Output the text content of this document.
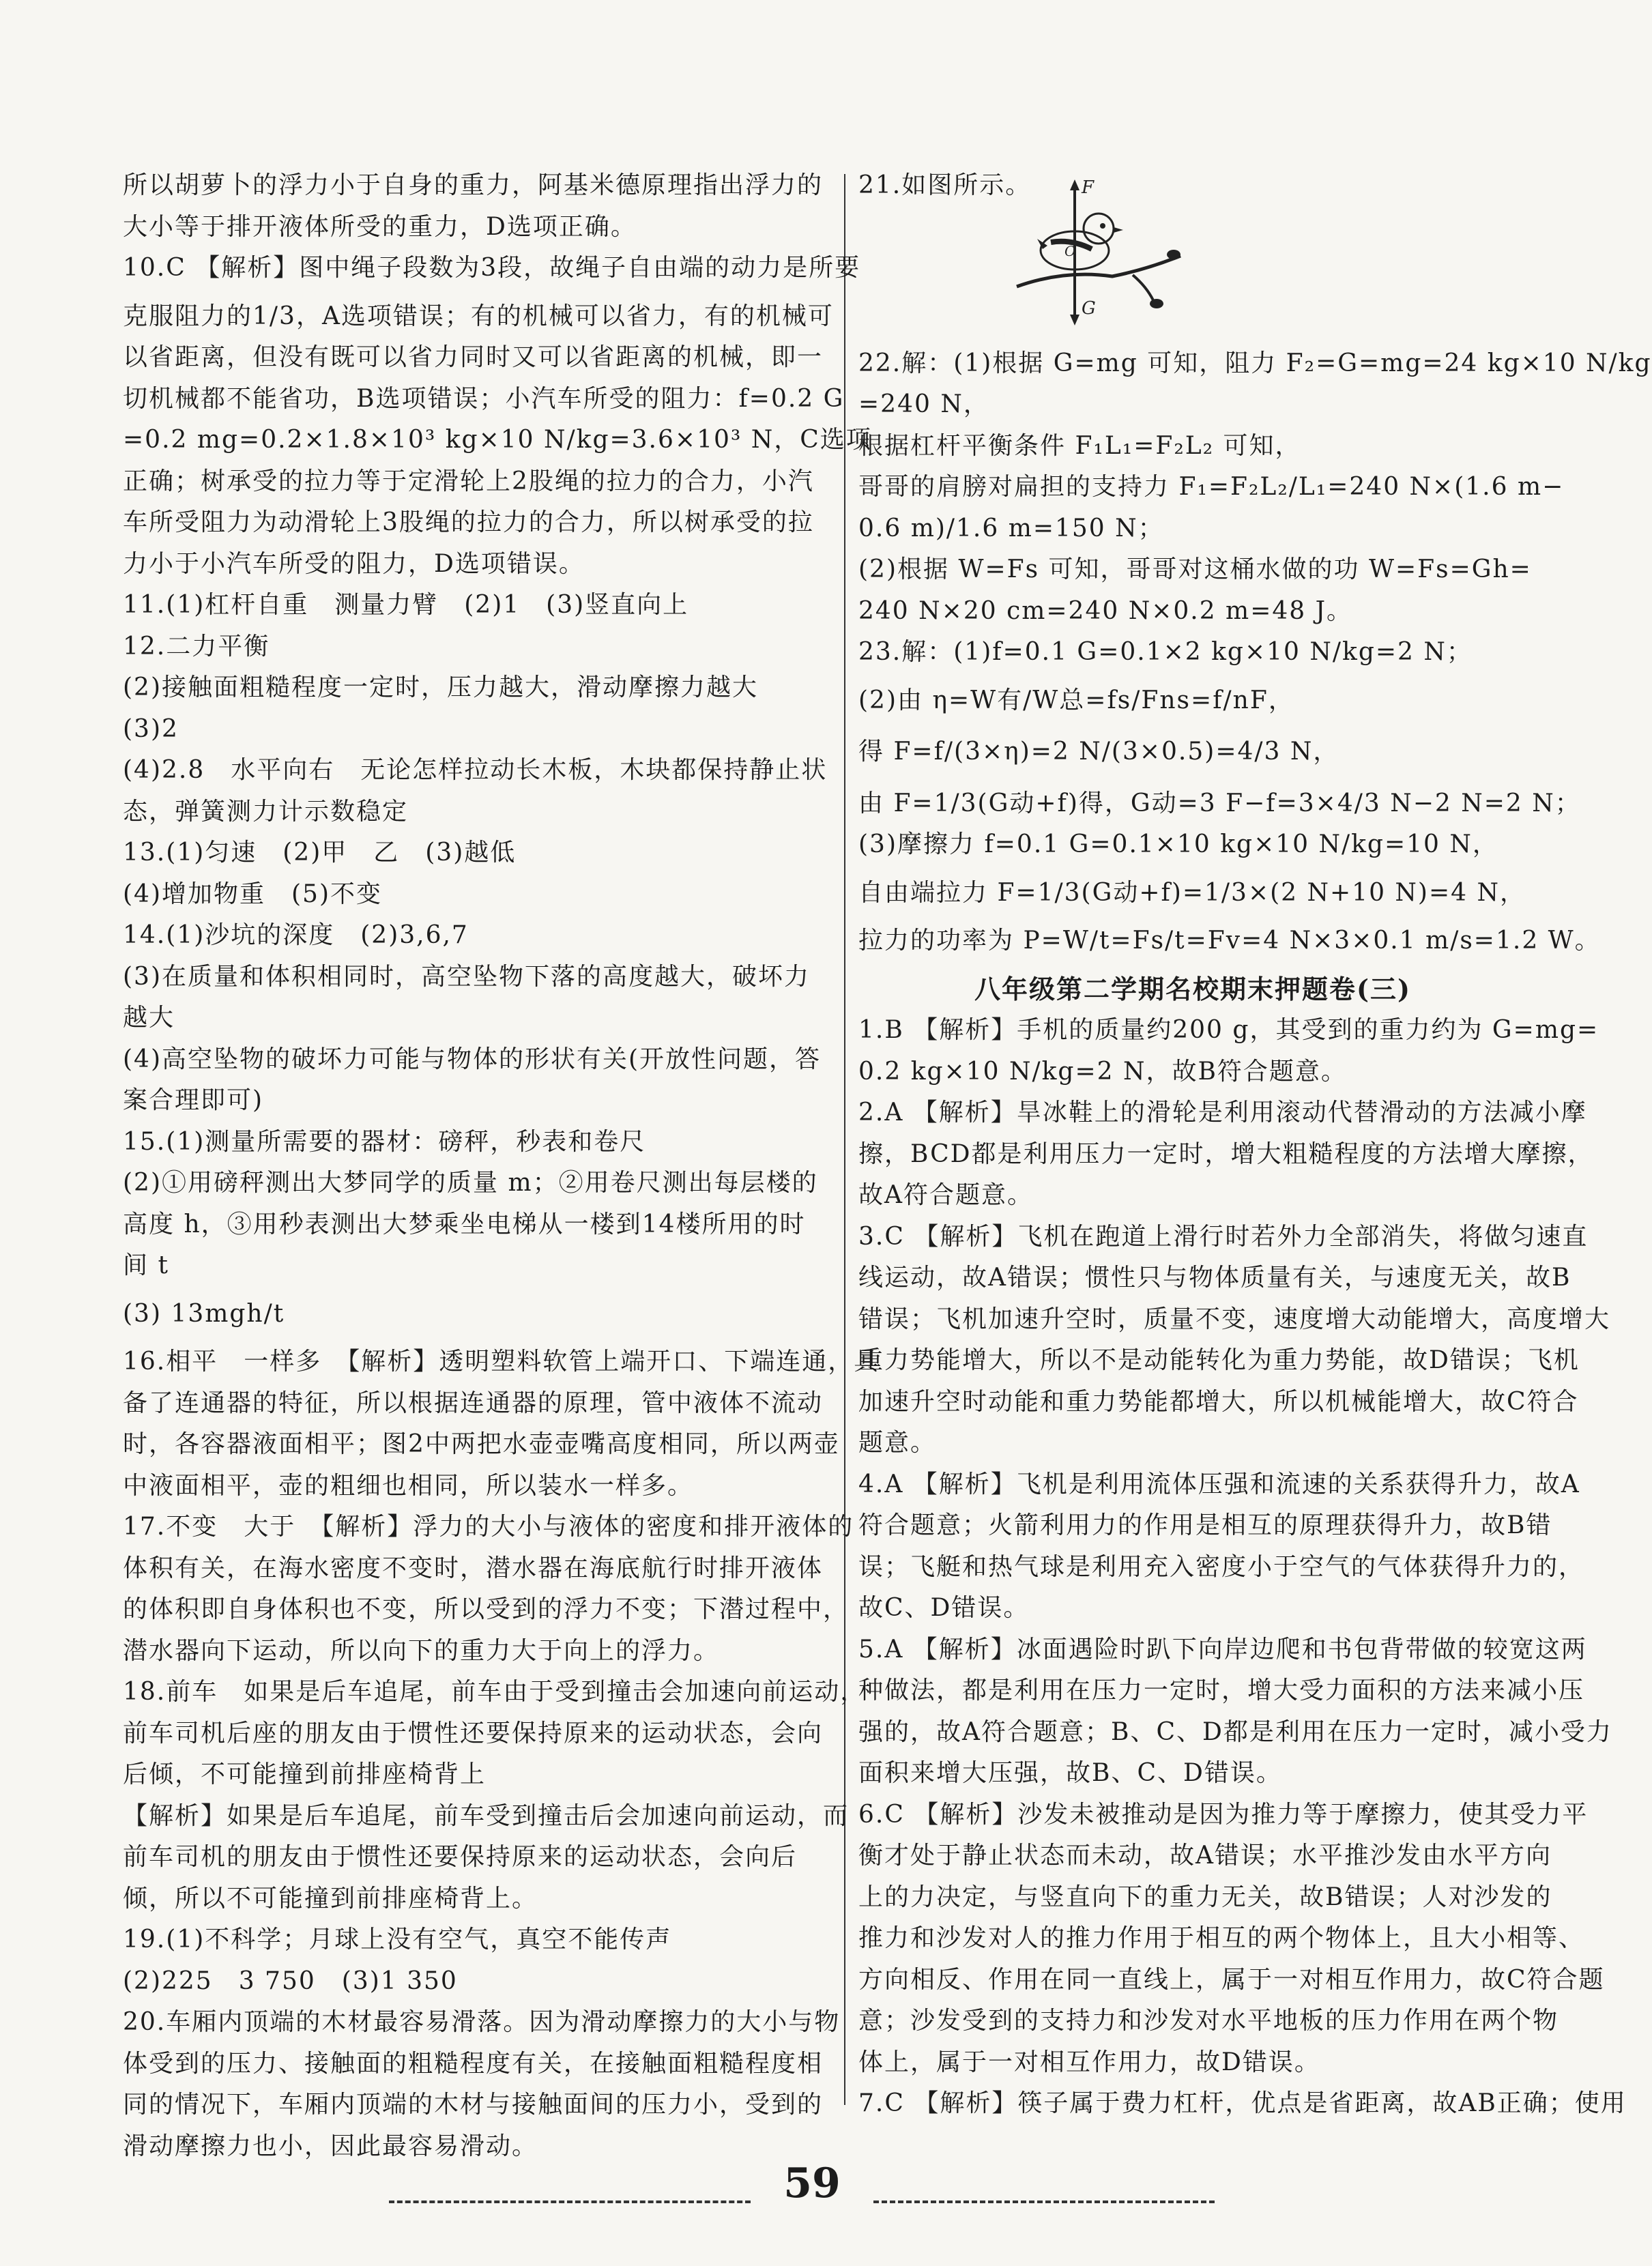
所以胡萝卜的浮力小于自身的重力，阿基米德原理指出浮力的
大小等于排开液体所受的重力，D选项正确。
10.C 【解析】图中绳子段数为3段，故绳子自由端的动力是所要
克服阻力的1/3，A选项错误；有的机械可以省力，有的机械可
以省距离，但没有既可以省力同时又可以省距离的机械，即一
切机械都不能省功，B选项错误；小汽车所受的阻力：f=0.2 G
=0.2 mg=0.2×1.8×10³ kg×10 N/kg=3.6×10³ N，C选项
正确；树承受的拉力等于定滑轮上2股绳的拉力的合力，小汽
车所受阻力为动滑轮上3股绳的拉力的合力，所以树承受的拉
力小于小汽车所受的阻力，D选项错误。
11.(1)杠杆自重　测量力臂　(2)1　(3)竖直向上
12.二力平衡
(2)接触面粗糙程度一定时，压力越大，滑动摩擦力越大
(3)2
(4)2.8　水平向右　无论怎样拉动长木板，木块都保持静止状
态，弹簧测力计示数稳定
13.(1)匀速　(2)甲　乙　(3)越低
(4)增加物重　(5)不变
14.(1)沙坑的深度　(2)3,6,7
(3)在质量和体积相同时，高空坠物下落的高度越大，破坏力
越大
(4)高空坠物的破坏力可能与物体的形状有关(开放性问题，答
案合理即可)
15.(1)测量所需要的器材：磅秤，秒表和卷尺
(2)①用磅秤测出大梦同学的质量 m；②用卷尺测出每层楼的
高度 h，③用秒表测出大梦乘坐电梯从一楼到14楼所用的时
间 t
(3) 13mgh/t
16.相平　一样多　【解析】透明塑料软管上端开口、下端连通，具
备了连通器的特征，所以根据连通器的原理，管中液体不流动
时，各容器液面相平；图2中两把水壶壶嘴高度相同，所以两壶
中液面相平，壶的粗细也相同，所以装水一样多。
17.不变　大于　【解析】浮力的大小与液体的密度和排开液体的
体积有关，在海水密度不变时，潜水器在海底航行时排开液体
的体积即自身体积也不变，所以受到的浮力不变；下潜过程中，
潜水器向下运动，所以向下的重力大于向上的浮力。
18.前车　如果是后车追尾，前车由于受到撞击会加速向前运动，
前车司机后座的朋友由于惯性还要保持原来的运动状态，会向
后倾，不可能撞到前排座椅背上
【解析】如果是后车追尾，前车受到撞击后会加速向前运动，而
前车司机的朋友由于惯性还要保持原来的运动状态，会向后
倾，所以不可能撞到前排座椅背上。
19.(1)不科学；月球上没有空气，真空不能传声
(2)225　3 750　(3)1 350
20.车厢内顶端的木材最容易滑落。因为滑动摩擦力的大小与物
体受到的压力、接触面的粗糙程度有关，在接触面粗糙程度相
同的情况下，车厢内顶端的木材与接触面间的压力小，受到的
滑动摩擦力也小，因此最容易滑动。
21.如图所示。
22.解：(1)根据 G=mg 可知，阻力 F₂=G=mg=24 kg×10 N/kg
=240 N，
根据杠杆平衡条件 F₁L₁=F₂L₂ 可知，
哥哥的肩膀对扁担的支持力 F₁=F₂L₂/L₁=240 N×(1.6 m−
0.6 m)/1.6 m=150 N；
(2)根据 W=Fs 可知，哥哥对这桶水做的功 W=Fs=Gh=
240 N×20 cm=240 N×0.2 m=48 J。
23.解：(1)f=0.1 G=0.1×2 kg×10 N/kg=2 N；
(2)由 η=W有/W总=fs/Fns=f/nF，
得 F=f/(3×η)=2 N/(3×0.5)=4/3 N，
由 F=1/3(G动+f)得，G动=3 F−f=3×4/3 N−2 N=2 N；
(3)摩擦力 f=0.1 G=0.1×10 kg×10 N/kg=10 N，
自由端拉力 F=1/3(G动+f)=1/3×(2 N+10 N)=4 N，
拉力的功率为 P=W/t=Fs/t=Fv=4 N×3×0.1 m/s=1.2 W。
八年级第二学期名校期末押题卷(三)
1.B 【解析】手机的质量约200 g，其受到的重力约为 G=mg=
0.2 kg×10 N/kg=2 N，故B符合题意。
2.A 【解析】旱冰鞋上的滑轮是利用滚动代替滑动的方法减小摩
擦，BCD都是利用压力一定时，增大粗糙程度的方法增大摩擦，
故A符合题意。
3.C 【解析】飞机在跑道上滑行时若外力全部消失，将做匀速直
线运动，故A错误；惯性只与物体质量有关，与速度无关，故B
错误；飞机加速升空时，质量不变，速度增大动能增大，高度增大
重力势能增大，所以不是动能转化为重力势能，故D错误；飞机
加速升空时动能和重力势能都增大，所以机械能增大，故C符合
题意。
4.A 【解析】飞机是利用流体压强和流速的关系获得升力，故A
符合题意；火箭利用力的作用是相互的原理获得升力，故B错
误；飞艇和热气球是利用充入密度小于空气的气体获得升力的，
故C、D错误。
5.A 【解析】冰面遇险时趴下向岸边爬和书包背带做的较宽这两
种做法，都是利用在压力一定时，增大受力面积的方法来减小压
强的，故A符合题意；B、C、D都是利用在压力一定时，减小受力
面积来增大压强，故B、C、D错误。
6.C 【解析】沙发未被推动是因为推力等于摩擦力，使其受力平
衡才处于静止状态而未动，故A错误；水平推沙发由水平方向
上的力决定，与竖直向下的重力无关，故B错误；人对沙发的
推力和沙发对人的推力作用于相互的两个物体上，且大小相等、
方向相反、作用在同一直线上，属于一对相互作用力，故C符合题
意；沙发受到的支持力和沙发对水平地板的压力作用在两个物
体上，属于一对相互作用力，故D错误。
7.C 【解析】筷子属于费力杠杆，优点是省距离，故AB正确；使用
F
G
O
59
